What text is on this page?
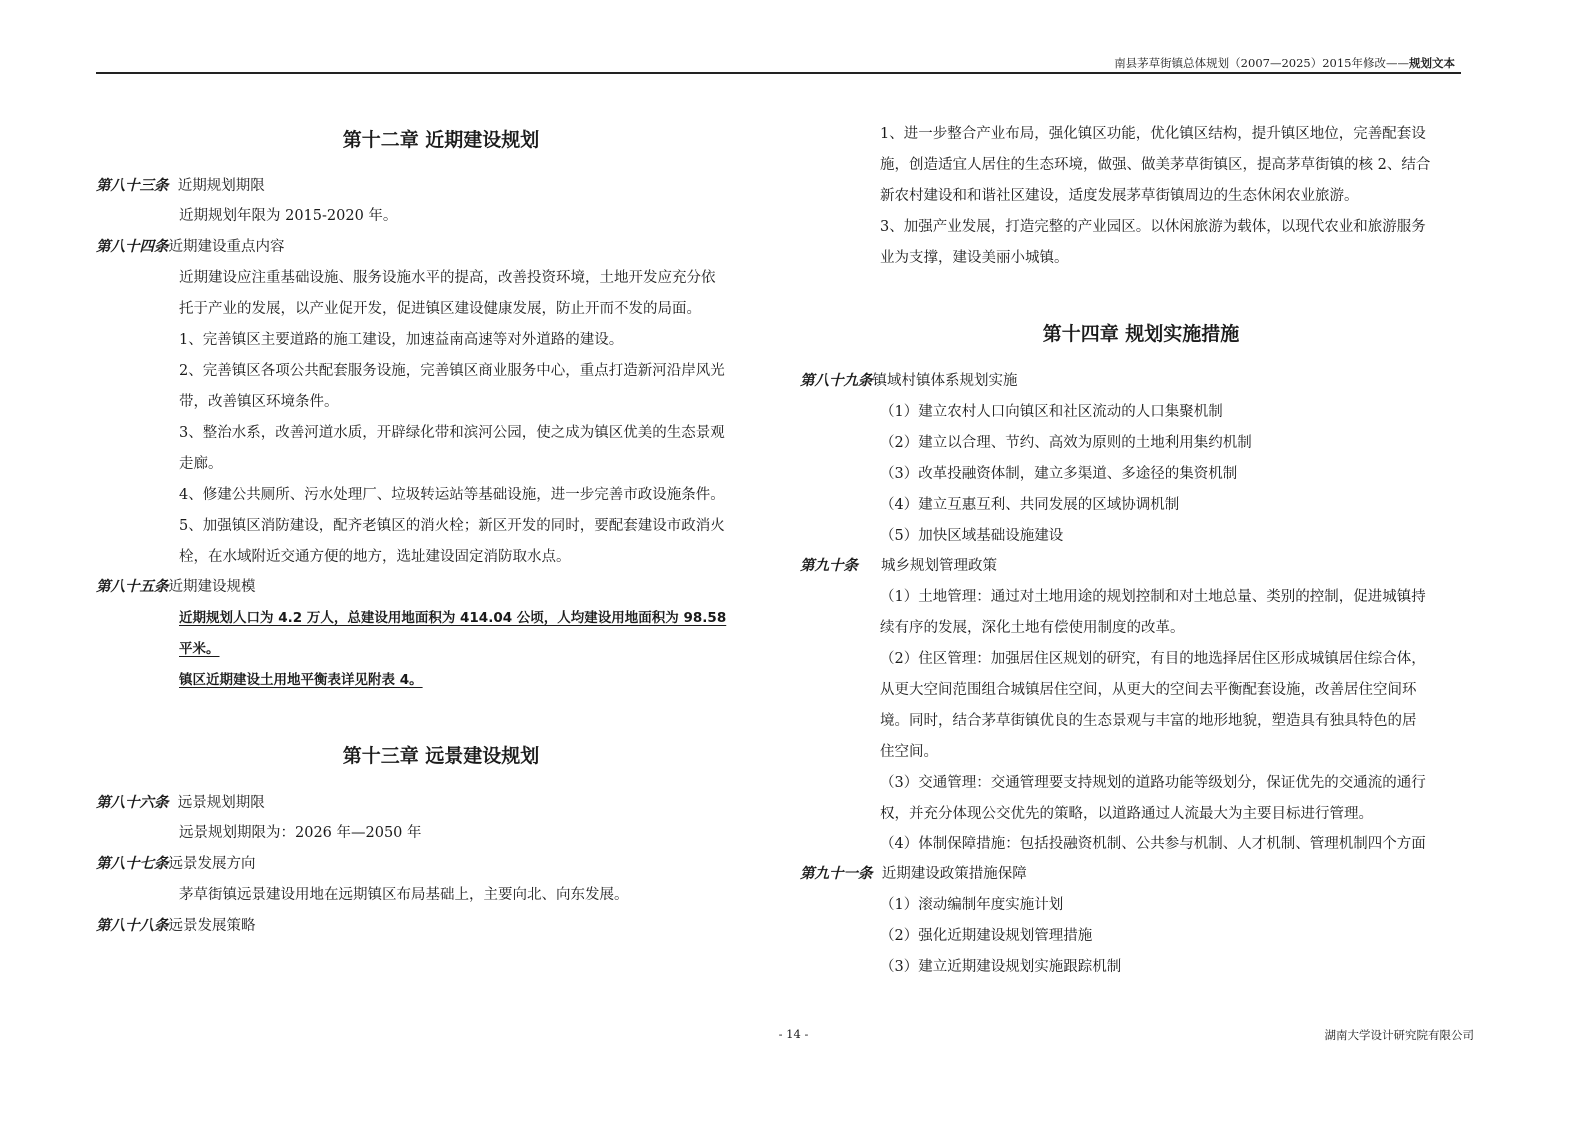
南县茅草街镇总体规划（2007—2025）2015年修改——规划文本
第十二章 近期建设规划
第八十三条 近期规划期限
近期规划年限为 2015-2020 年。
第八十四条近期建设重点内容
近期建设应注重基础设施、服务设施水平的提高，改善投资环境，土地开发应充分依
托于产业的发展，以产业促开发，促进镇区建设健康发展，防止开而不发的局面。
1、完善镇区主要道路的施工建设，加速益南高速等对外道路的建设。
2、完善镇区各项公共配套服务设施，完善镇区商业服务中心，重点打造新河沿岸风光
带，改善镇区环境条件。
3、整治水系，改善河道水质，开辟绿化带和滨河公园，使之成为镇区优美的生态景观
走廊。
4、修建公共厕所、污水处理厂、垃圾转运站等基础设施，进一步完善市政设施条件。
5、加强镇区消防建设，配齐老镇区的消火栓；新区开发的同时，要配套建设市政消火
栓，在水域附近交通方便的地方，选址建设固定消防取水点。
第八十五条近期建设规模
近期规划人口为 4.2 万人，总建设用地面积为 414.04 公顷，人均建设用地面积为 98.58
平米。
镇区近期建设土用地平衡表详见附表 4。
第十三章 远景建设规划
第八十六条 远景规划期限
远景规划期限为：2026 年—2050 年
第八十七条远景发展方向
茅草街镇远景建设用地在远期镇区布局基础上，主要向北、向东发展。
第八十八条远景发展策略
1、进一步整合产业布局，强化镇区功能，优化镇区结构，提升镇区地位，完善配套设
施，创造适宜人居住的生态环境，做强、做美茅草街镇区，提高茅草街镇的核 2、结合
新农村建设和和谐社区建设，适度发展茅草街镇周边的生态休闲农业旅游。
3、加强产业发展，打造完整的产业园区。以休闲旅游为载体，以现代农业和旅游服务
业为支撑，建设美丽小城镇。
第十四章 规划实施措施
第八十九条镇域村镇体系规划实施
（1）建立农村人口向镇区和社区流动的人口集聚机制
（2）建立以合理、节约、高效为原则的土地利用集约机制
（3）改革投融资体制，建立多渠道、多途径的集资机制
（4）建立互惠互利、共同发展的区域协调机制
（5）加快区域基础设施建设
第九十条 城乡规划管理政策
（1）土地管理：通过对土地用途的规划控制和对土地总量、类别的控制，促进城镇持
续有序的发展，深化土地有偿使用制度的改革。
（2）住区管理：加强居住区规划的研究，有目的地选择居住区形成城镇居住综合体，
从更大空间范围组合城镇居住空间，从更大的空间去平衡配套设施，改善居住空间环
境。同时，结合茅草街镇优良的生态景观与丰富的地形地貌，塑造具有独具特色的居
住空间。
（3）交通管理：交通管理要支持规划的道路功能等级划分，保证优先的交通流的通行
权，并充分体现公交优先的策略，以道路通过人流最大为主要目标进行管理。
（4）体制保障措施：包括投融资机制、公共参与机制、人才机制、管理机制四个方面
第九十一条 近期建设政策措施保障
（1）滚动编制年度实施计划
（2）强化近期建设规划管理措施
（3）建立近期建设规划实施跟踪机制
- 14 -	湖南大学设计研究院有限公司
